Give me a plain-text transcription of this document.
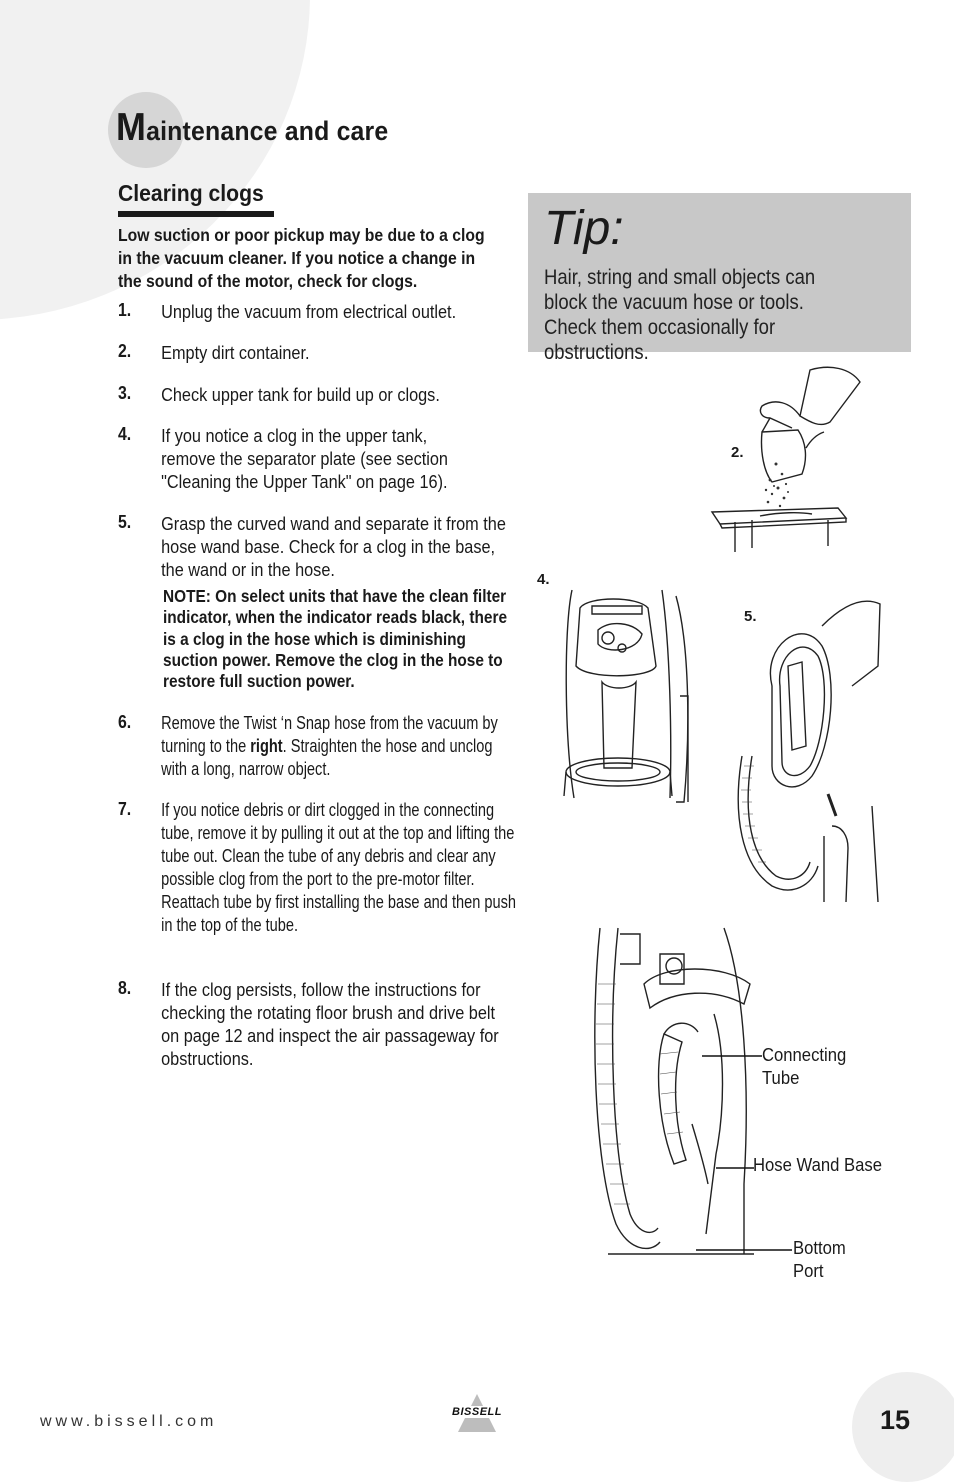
Maintenance and care
Clearing clogs

Low suction or poor pickup may be due to a clog in the vacuum cleaner. If you notice a change in the sound of the motor, check for clogs.

1. Unplug the vacuum from electrical outlet.

2. Empty dirt container.

3. Check upper tank for build up or clogs.

4. If you notice a clog in the upper tank, remove the separator plate (see section "Cleaning the Upper Tank" on page 16).

5. Grasp the curved wand and separate it from the hose wand base. Check for a clog in the base, the wand or in the hose.

NOTE: On select units that have the clean filter indicator, when the indicator reads black, there is a clog in the hose which is diminishing suction power. Remove the clog in the hose to restore full suction power.

6. Remove the Twist ‘n Snap hose from the vacuum by turning to the right. Straighten the hose and unclog with a long, narrow object.

7. If you notice debris or dirt clogged in the connecting tube, remove it by pulling it out at the top and lifting the tube out. Clean the tube of any debris and clear any possible clog from the port to the pre-motor filter. Reattach tube by first installing the base and then push in the top of the tube.

8. If the clog persists, follow the instructions for checking the rotating floor brush and drive belt on page 12 and inspect the air passageway for obstructions.

Tip:

Hair, string and small objects can block the vacuum hose or tools. Check them occasionally for obstructions.

2.
4.
5.
Connecting Tube
Hose Wand Base
Bottom Port
www.bissell.com
BISSELL	15
